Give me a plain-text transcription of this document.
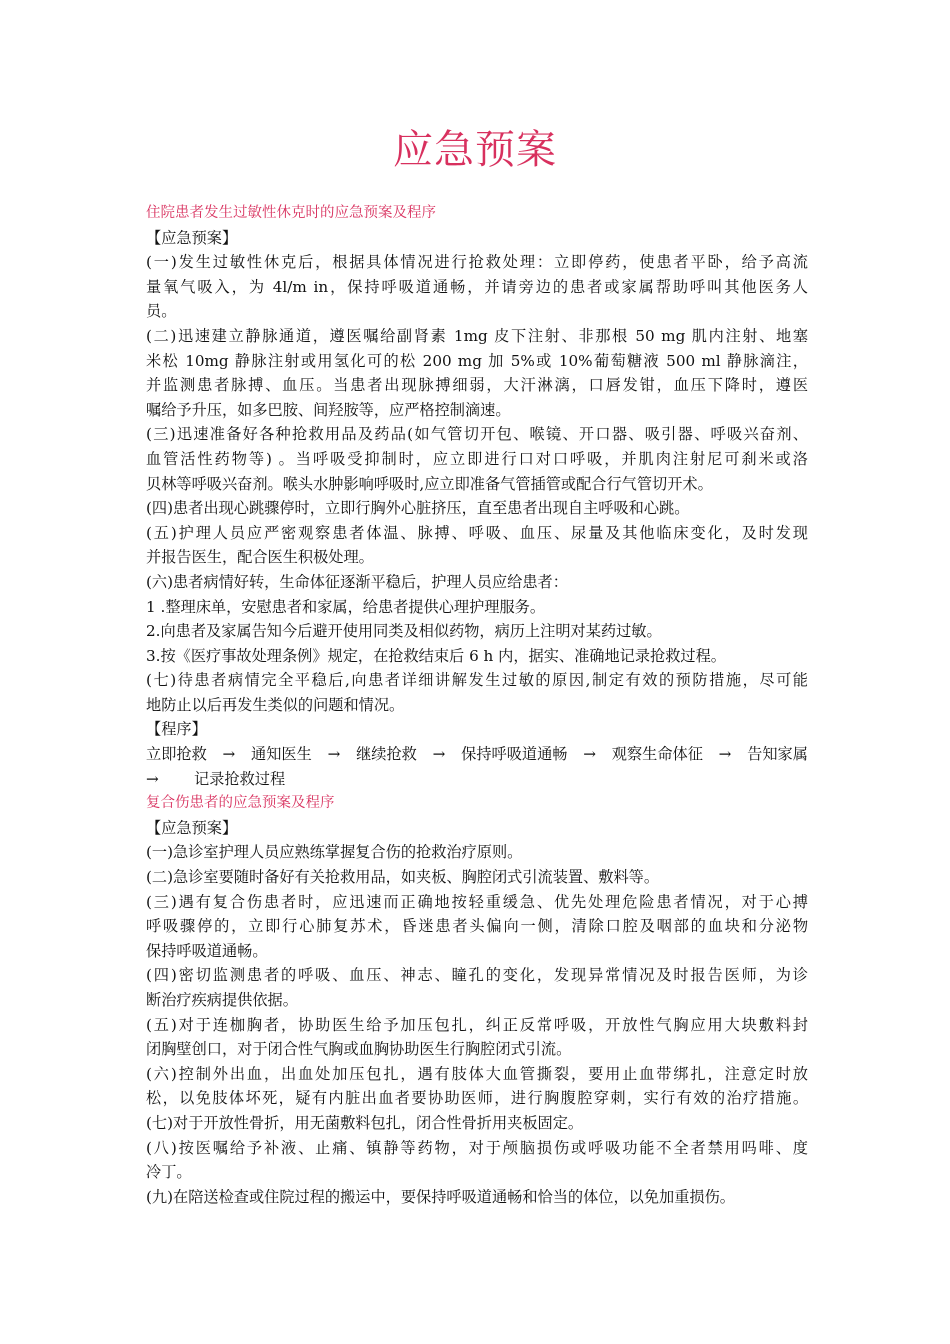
应急预案
住院患者发生过敏性休克时的应急预案及程序
【应急预案】
(一)发生过敏性休克后，根据具体情况进行抢救处理：立即停药，使患者平卧，给予高流
量氧气吸入，为 4l/m in，保持呼吸道通畅，并请旁边的患者或家属帮助呼叫其他医务人
员。
(二)迅速建立静脉通道，遵医嘱给副肾素 1mg 皮下注射、非那根 50 mg 肌内注射、地塞
米松 10mg 静脉注射或用氢化可的松 200 mg 加 5%或 10%葡萄糖液 500 ml 静脉滴注，
并监测患者脉搏、血压。当患者出现脉搏细弱，大汗淋漓，口唇发钳，血压下降时，遵医
嘱给予升压，如多巴胺、间羟胺等，应严格控制滴速。
(三)迅速准备好各种抢救用品及药品(如气管切开包、喉镜、开口器、吸引器、呼吸兴奋剂、
血管活性药物等) 。当呼吸受抑制时，应立即进行口对口呼吸，并肌肉注射尼可刹米或洛
贝林等呼吸兴奋剂。喉头水肿影响呼吸时,应立即准备气管插管或配合行气管切开术。
(四)患者出现心跳骤停时，立即行胸外心脏挤压，直至患者出现自主呼吸和心跳。
(五)护理人员应严密观察患者体温、脉搏、呼吸、血压、尿量及其他临床变化，及时发现
并报告医生，配合医生积极处理。
(六)患者病情好转，生命体征逐渐平稳后，护理人员应给患者：
1 .整理床单，安慰患者和家属，给患者提供心理护理服务。
2.向患者及家属告知今后避开使用同类及相似药物，病历上注明对某药过敏。
3.按《医疗事故处理条例》规定，在抢救结束后 6 h 内，据实、准确地记录抢救过程。
(七)待患者病情完全平稳后,向患者详细讲解发生过敏的原因,制定有效的预防措施，尽可能
地防止以后再发生类似的问题和情况。
【程序】
立即抢救 → 通知医生 → 继续抢救 → 保持呼吸道通畅 → 观察生命体征 → 告知家属
→ 记录抢救过程
复合伤患者的应急预案及程序
【应急预案】
(一)急诊室护理人员应熟练掌握复合伤的抢救治疗原则。
(二)急诊室要随时备好有关抢救用品，如夹板、胸腔闭式引流装置、敷料等。
(三)遇有复合伤患者时，应迅速而正确地按轻重缓急、优先处理危险患者情况，对于心搏
呼吸骤停的，立即行心肺复苏术，昏迷患者头偏向一侧，清除口腔及咽部的血块和分泌物
保持呼吸道通畅。
(四)密切监测患者的呼吸、血压、神志、瞳孔的变化，发现异常情况及时报告医师，为诊
断治疗疾病提供依据。
(五)对于连枷胸者，协助医生给予加压包扎，纠正反常呼吸，开放性气胸应用大块敷料封
闭胸壁创口，对于闭合性气胸或血胸协助医生行胸腔闭式引流。
(六)控制外出血，出血处加压包扎，遇有肢体大血管撕裂，要用止血带绑扎，注意定时放
松，以免肢体坏死，疑有内脏出血者要协助医师，进行胸腹腔穿刺，实行有效的治疗措施。
(七)对于开放性骨折，用无菌敷料包扎，闭合性骨折用夹板固定。
(八)按医嘱给予补液、止痛、镇静等药物，对于颅脑损伤或呼吸功能不全者禁用吗啡、度
冷丁。
(九)在陪送检查或住院过程的搬运中，要保持呼吸道通畅和恰当的体位，以免加重损伤。
